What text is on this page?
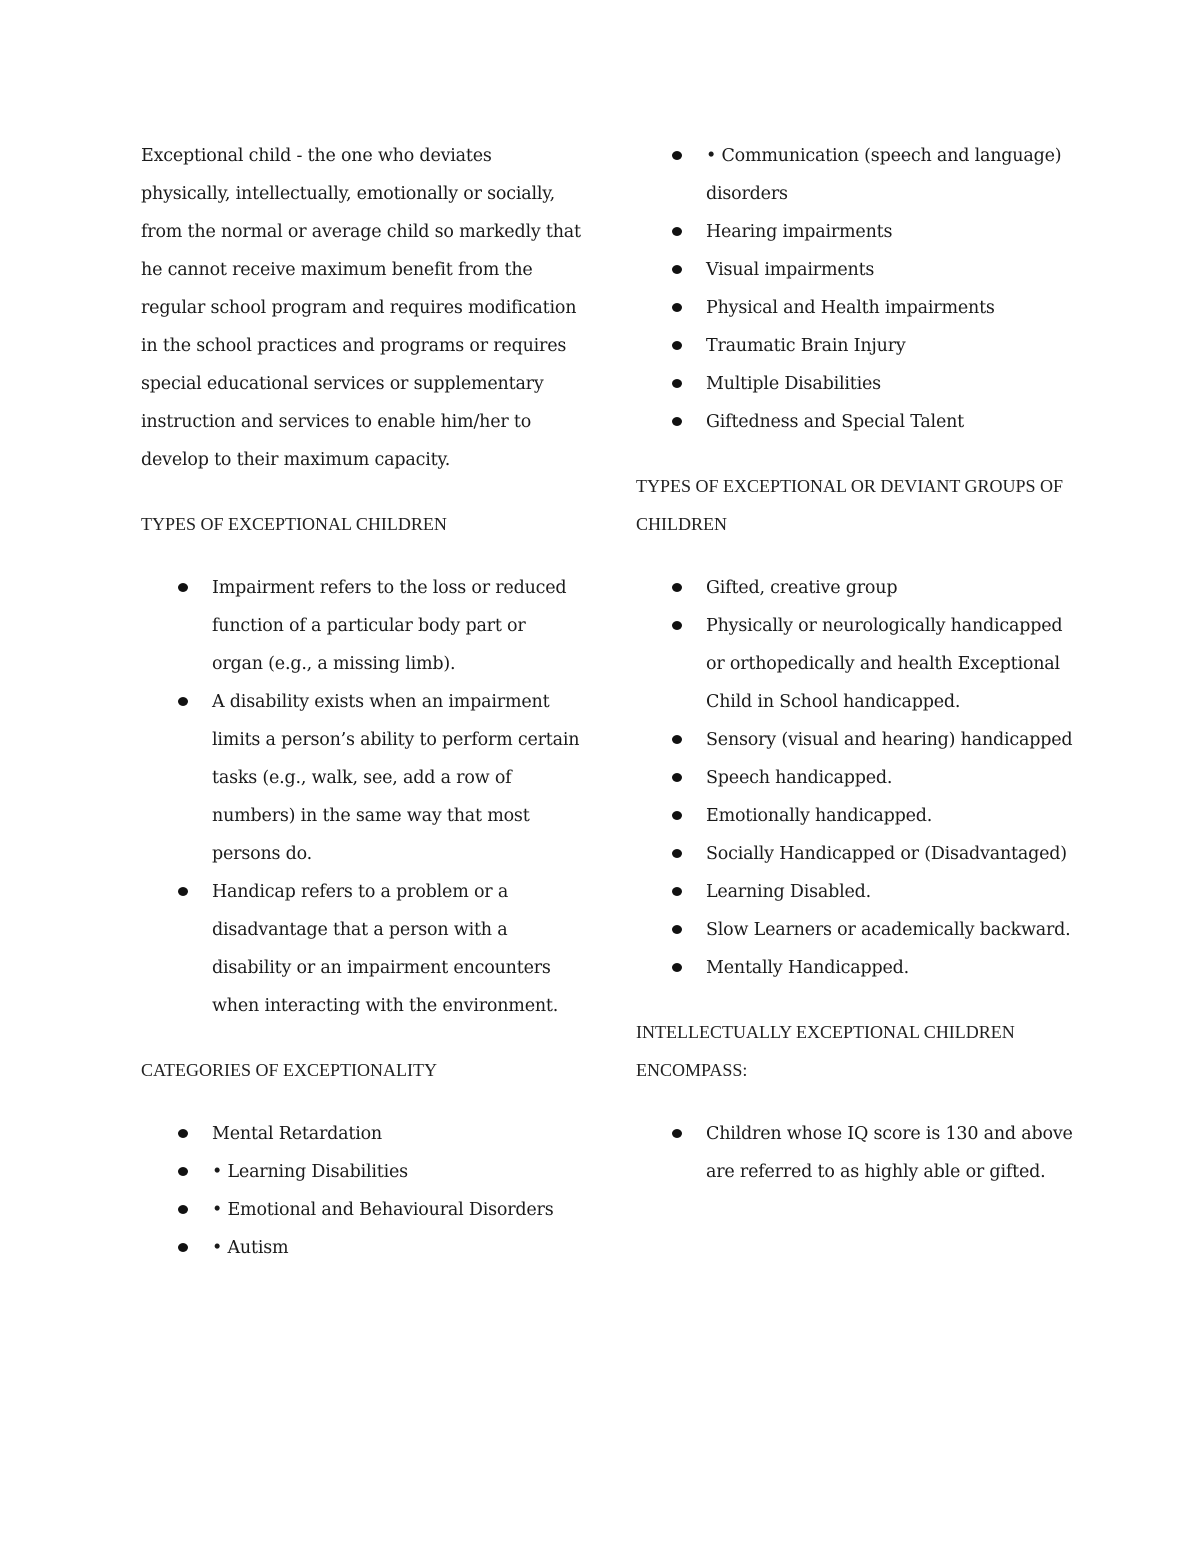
Exceptional child - the one who deviates physically, intellectually, emotionally or socially, from the normal or average child so markedly that he cannot receive maximum benefit from the regular school program and requires modification in the school practices and programs or requires special educational services or supplementary instruction and services to enable him/her to develop to their maximum capacity.

TYPES OF EXCEPTIONAL CHILDREN
Impairment refers to the loss or reduced function of a particular body part or organ (e.g., a missing limb).
A disability exists when an impairment limits a person’s ability to perform certain tasks (e.g., walk, see, add a row of numbers) in the same way that most persons do.
Handicap refers to a problem or a disadvantage that a person with a disability or an impairment encounters when interacting with the environment.
CATEGORIES OF EXCEPTIONALITY
Mental Retardation
• Learning Disabilities
• Emotional and Behavioural Disorders
• Autism
• Communication (speech and language) disorders
Hearing impairments
Visual impairments
Physical and Health impairments
Traumatic Brain Injury
Multiple Disabilities
Giftedness and Special Talent
TYPES OF EXCEPTIONAL OR DEVIANT GROUPS OF CHILDREN
Gifted, creative group
Physically or neurologically handicapped or orthopedically and health Exceptional Child in School handicapped.
Sensory (visual and hearing) handicapped
Speech handicapped.
Emotionally handicapped.
Socially Handicapped or (Disadvantaged)
Learning Disabled.
Slow Learners or academically backward.
Mentally Handicapped.
INTELLECTUALLY EXCEPTIONAL CHILDREN ENCOMPASS:
Children whose IQ score is 130 and above are referred to as highly able or gifted.
